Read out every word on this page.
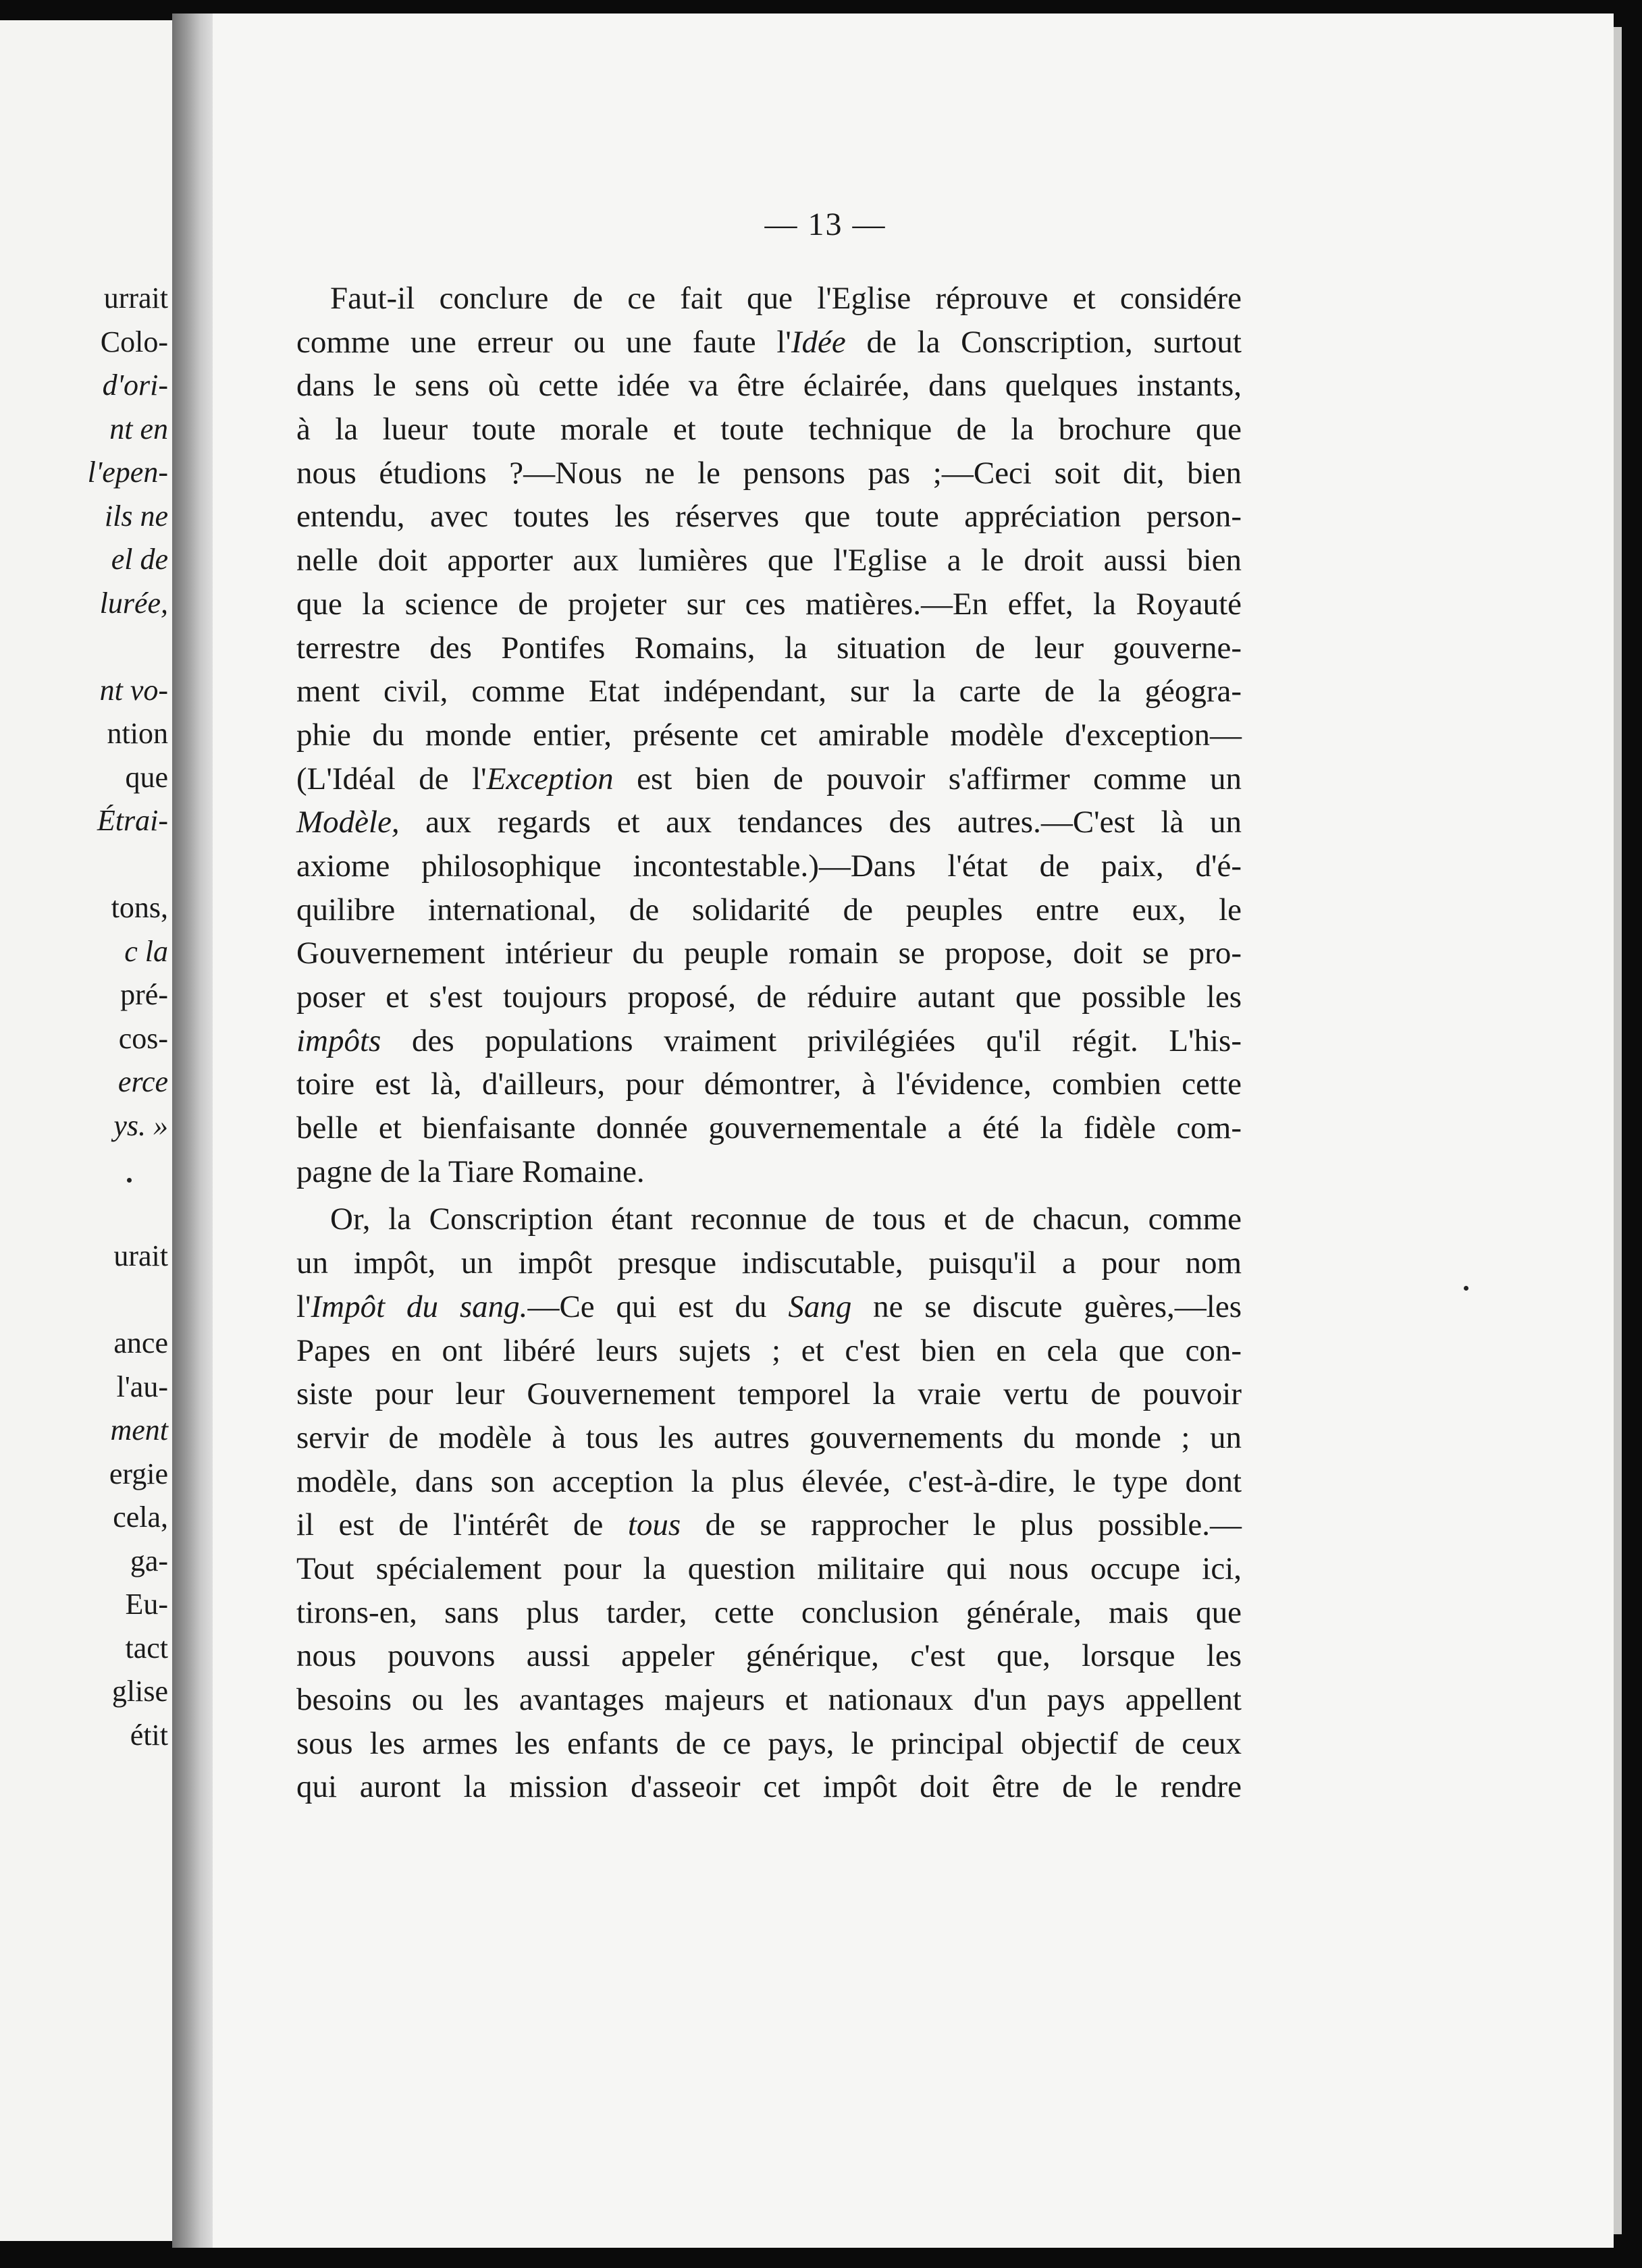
urrait
Colo-
d'ori-
nt en
l'epen-
ils ne
el de
lurée,
nt vo-
ntion
que
Étrai-
tons,
c la
pré-
cos-
erce
ys. »
urait
ance
l'au-
ment
ergie
cela,
ga-
Eu-
tact
glise
étit
— 13 —
Faut-il conclure de ce fait que l'Eglise réprouve et considére
comme une erreur ou une faute l'Idée de la Conscription, surtout
dans le sens où cette idée va être éclairée, dans quelques instants,
à la lueur toute morale et toute technique de la brochure que
nous étudions ?—Nous ne le pensons pas ;—Ceci soit dit, bien
entendu, avec toutes les réserves que toute appréciation person-
nelle doit apporter aux lumières que l'Eglise a le droit aussi bien
que la science de projeter sur ces matières.—En effet, la Royauté
terrestre des Pontifes Romains, la situation de leur gouverne-
ment civil, comme Etat indépendant, sur la carte de la géogra-
phie du monde entier, présente cet amirable modèle d'exception—
(L'Idéal de l'Exception est bien de pouvoir s'affirmer comme un
Modèle, aux regards et aux tendances des autres.—C'est là un
axiome philosophique incontestable.)—Dans l'état de paix, d'é-
quilibre international, de solidarité de peuples entre eux, le
Gouvernement intérieur du peuple romain se propose, doit se pro-
poser et s'est toujours proposé, de réduire autant que possible les
impôts des populations vraiment privilégiées qu'il régit. L'his-
toire est là, d'ailleurs, pour démontrer, à l'évidence, combien cette
belle et bienfaisante donnée gouvernementale a été la fidèle com-
pagne de la Tiare Romaine.
Or, la Conscription étant reconnue de tous et de chacun, comme
un impôt, un impôt presque indiscutable, puisqu'il a pour nom
l'Impôt du sang.—Ce qui est du Sang ne se discute guères,—les
Papes en ont libéré leurs sujets ; et c'est bien en cela que con-
siste pour leur Gouvernement temporel la vraie vertu de pouvoir
servir de modèle à tous les autres gouvernements du monde ; un
modèle, dans son acception la plus élevée, c'est-à-dire, le type dont
il est de l'intérêt de tous de se rapprocher le plus possible.—
Tout spécialement pour la question militaire qui nous occupe ici,
tirons-en, sans plus tarder, cette conclusion générale, mais que
nous pouvons aussi appeler générique, c'est que, lorsque les
besoins ou les avantages majeurs et nationaux d'un pays appellent
sous les armes les enfants de ce pays, le principal objectif de ceux
qui auront la mission d'asseoir cet impôt doit être de le rendre
